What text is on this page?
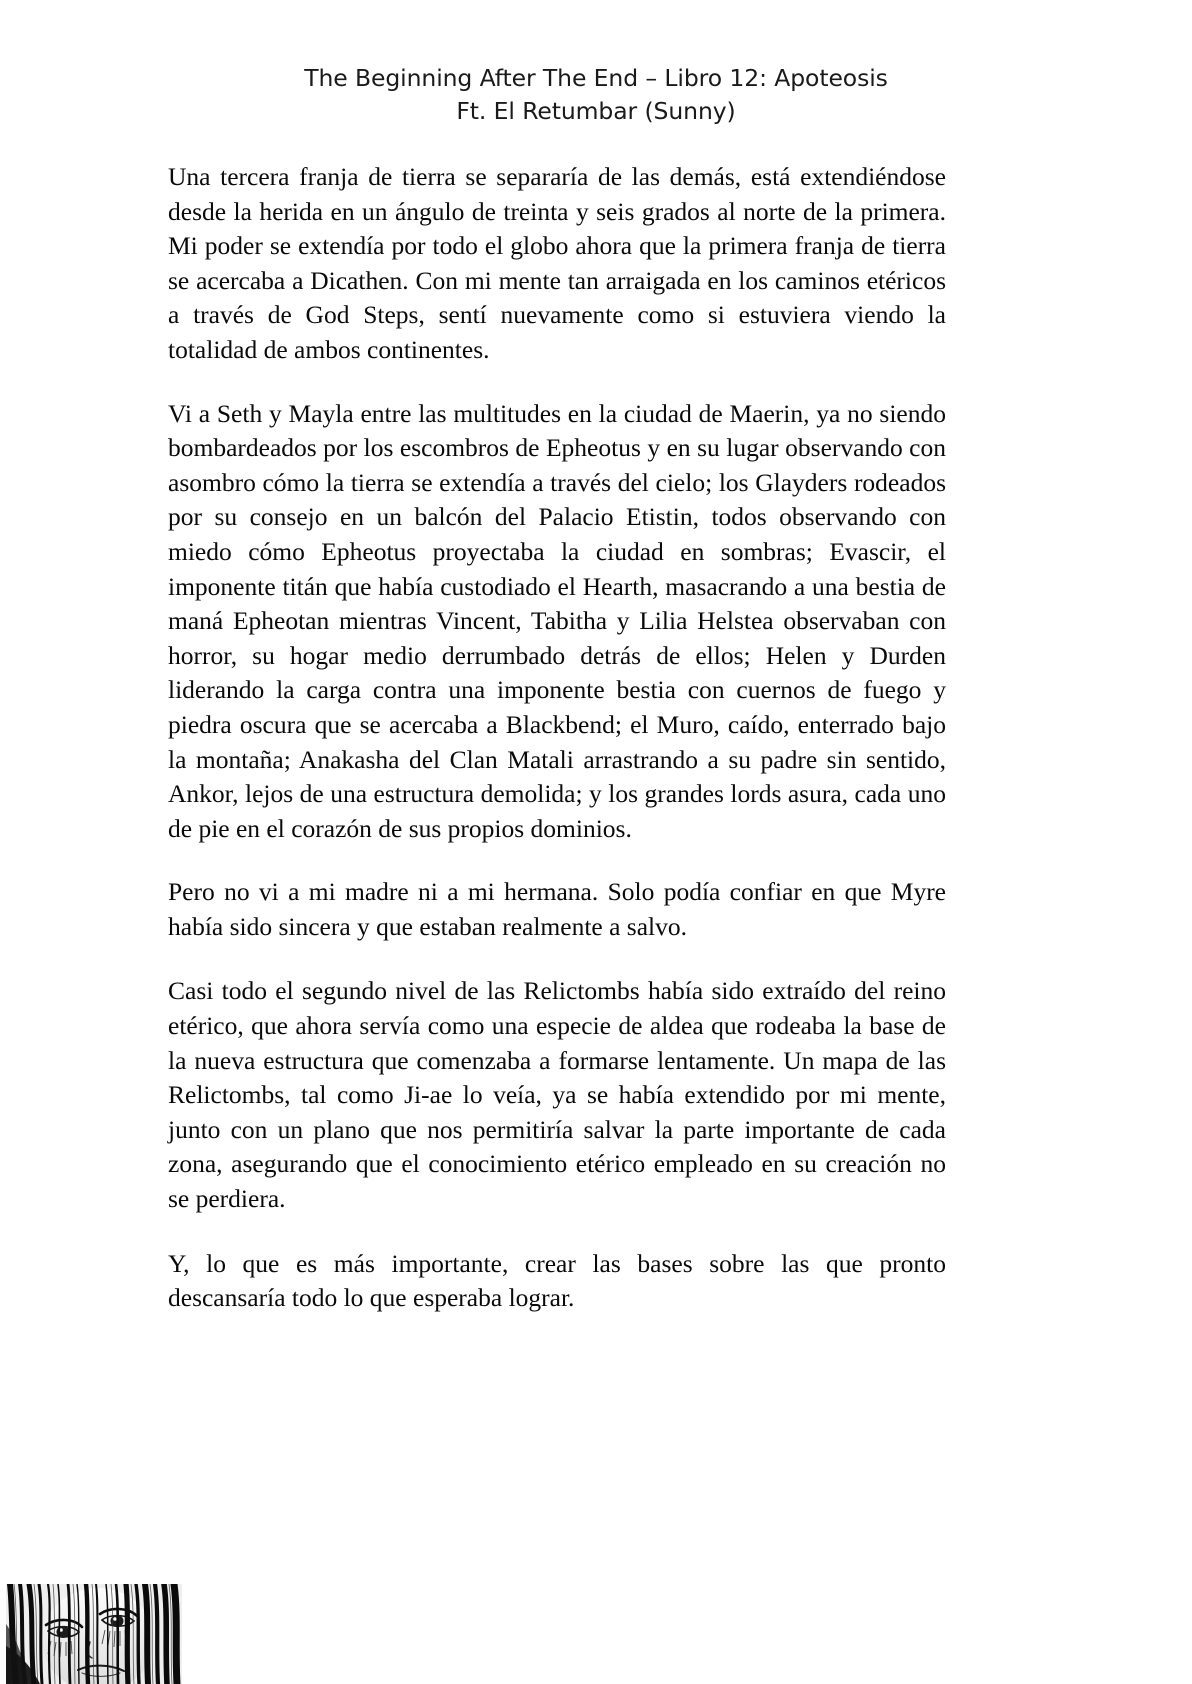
The Beginning After The End – Libro 12: Apoteosis
Ft. El Retumbar (Sunny)

Una tercera franja de tierra se separaría de las demás, está extendiéndose desde la herida en un ángulo de treinta y seis grados al norte de la primera. Mi poder se extendía por todo el globo ahora que la primera franja de tierra se acercaba a Dicathen. Con mi mente tan arraigada en los caminos etéricos a través de God Steps, sentí nuevamente como si estuviera viendo la totalidad de ambos continentes.

Vi a Seth y Mayla entre las multitudes en la ciudad de Maerin, ya no siendo bombardeados por los escombros de Epheotus y en su lugar observando con asombro cómo la tierra se extendía a través del cielo; los Glayders rodeados por su consejo en un balcón del Palacio Etistin, todos observando con miedo cómo Epheotus proyectaba la ciudad en sombras; Evascir, el imponente titán que había custodiado el Hearth, masacrando a una bestia de maná Epheotan mientras Vincent, Tabitha y Lilia Helstea observaban con horror, su hogar medio derrumbado detrás de ellos; Helen y Durden liderando la carga contra una imponente bestia con cuernos de fuego y piedra oscura que se acercaba a Blackbend; el Muro, caído, enterrado bajo la montaña; Anakasha del Clan Matali arrastrando a su padre sin sentido, Ankor, lejos de una estructura demolida; y los grandes lords asura, cada uno de pie en el corazón de sus propios dominios.

Pero no vi a mi madre ni a mi hermana. Solo podía confiar en que Myre había sido sincera y que estaban realmente a salvo.

Casi todo el segundo nivel de las Relictombs había sido extraído del reino etérico, que ahora servía como una especie de aldea que rodeaba la base de la nueva estructura que comenzaba a formarse lentamente. Un mapa de las Relictombs, tal como Ji-ae lo veía, ya se había extendido por mi mente, junto con un plano que nos permitiría salvar la parte importante de cada zona, asegurando que el conocimiento etérico empleado en su creación no se perdiera.

Y, lo que es más importante, crear las bases sobre las que pronto descansaría todo lo que esperaba lograr.
